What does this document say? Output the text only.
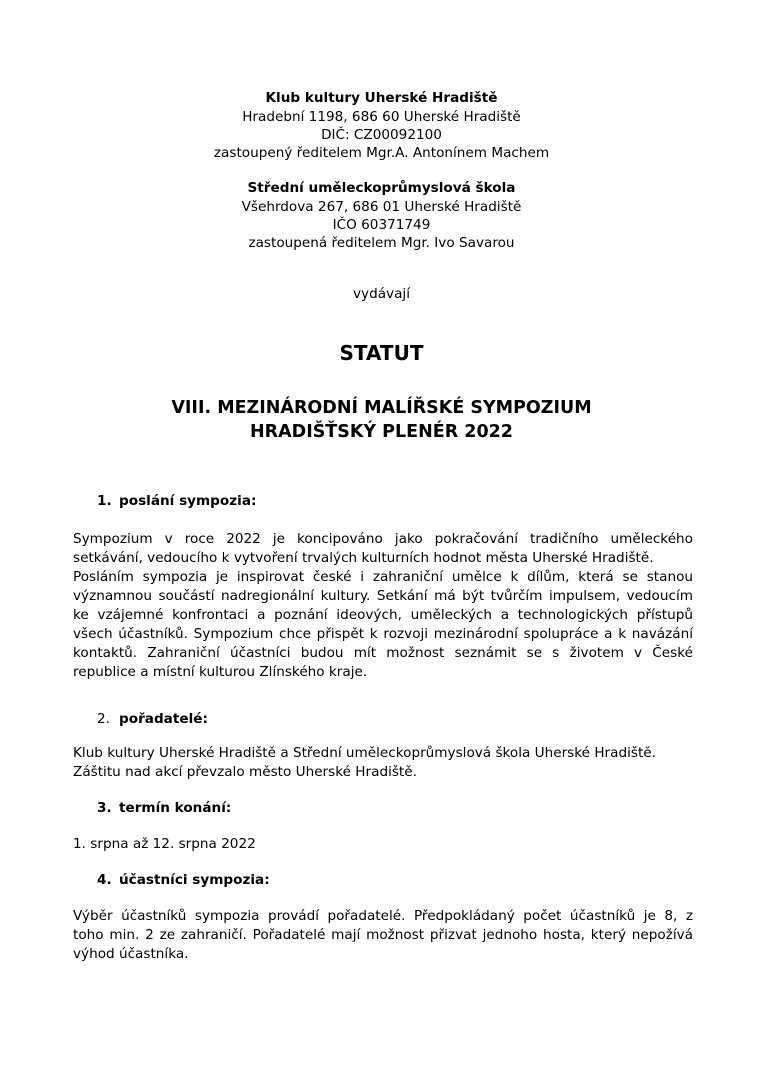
Klub kultury Uherské Hradiště
Hradební 1198, 686 60 Uherské Hradiště
DIČ: CZ00092100
zastoupený ředitelem Mgr.A. Antonínem Machem
Střední uměleckoprůmyslová škola
Všehrdova 267, 686 01 Uherské Hradiště
IČO 60371749
zastoupená ředitelem Mgr. Ivo Savarou
vydávají
STATUT
VIII. MEZINÁRODNÍ MALÍŘSKÉ SYMPOZIUM
HRADIŠŤSKÝ PLENÉR 2022
1. poslání sympozia:
Sympozium v roce 2022 je koncipováno jako pokračování tradičního uměleckého
setkávání, vedoucího k vytvoření trvalých kulturních hodnot města Uherské Hradiště.
Posláním sympozia je inspirovat české i zahraniční umělce k dílům, která se stanou
významnou součástí nadregionální kultury. Setkání má být tvůrčím impulsem, vedoucím
ke vzájemné konfrontaci a poznání ideových, uměleckých a technologických přístupů
všech účastníků. Sympozium chce přispět k rozvoji mezinárodní spolupráce a k navázání
kontaktů. Zahraniční účastníci budou mít možnost seznámit se s životem v České
republice a místní kulturou Zlínského kraje.
2. pořadatelé:
Klub kultury Uherské Hradiště a Střední uměleckoprůmyslová škola Uherské Hradiště.
Záštitu nad akcí převzalo město Uherské Hradiště.
3. termín konání:
1. srpna až 12. srpna 2022
4. účastníci sympozia:
Výběr účastníků sympozia provádí pořadatelé. Předpokládaný počet účastníků je 8, z
toho min. 2 ze zahraničí. Pořadatelé mají možnost přizvat jednoho hosta, který nepožívá
výhod účastníka.
